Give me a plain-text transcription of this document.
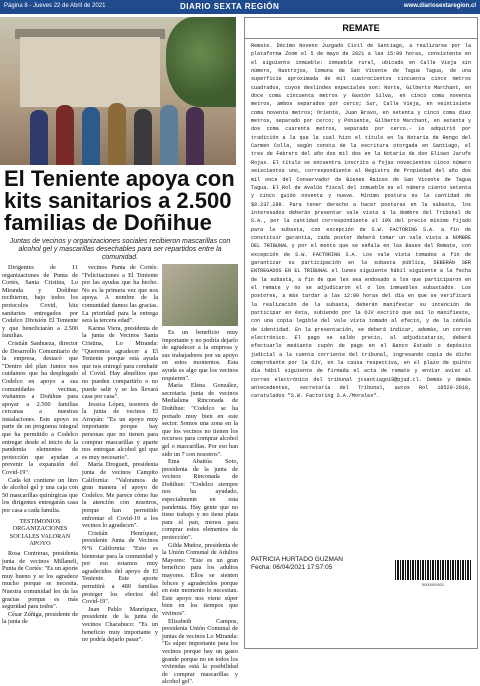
Página 8 - Jueves 22 de Abril de 2021	DIARIO SEXTA REGIÓN	www.diariosextaregion.cl
El Teniente apoya con kits sanitarios a 2.500 familias de Doñihue
Juntas de vecinos y organizaciones sociales recibieron mascarillas con alcohol gel y mascarillas desechables para ser repartidos entre la comunidad.

Dirigentes de 11 organizaciones de Punta de Cortés, Santa Cristina, Lo Miranda y Doñihue recibieron, bajo todos los protocolos Covid, kits sanitarios entregados por Codelco División El Teniente y que beneficiarán a 2.500 familias.

Cristián Sanhueza, director de Desarrollo Comunitario de la empresa, destacó que "Dentro del plan Juntos nos cuidamos que ha desplegado Codelco en apoyo a sus comunidades vecinas, visitamos a Doñihue para apoyar a 2.500 familias cercanas a nuestras instalaciones. Este apoyo es parte de un programa integral que ha permitido a Codelco entregar desde el inicio de la pandemia elementos de protección que ayudan a prevenir la expansión del Covid-19".

Cada kit contiene un litro de alcohol gel y una caja con 50 mascarillas quirúrgicas que los dirigentes entregarán casa por casa a cada familia.

TESTIMONIOS ORGANIZACIONES SOCIALES VALORAN APOYO

Rosa Contreras, presidenta junta de vecinos Millaneli, Punta de Cortés: "Es un aporte muy bueno y se los agradece mucho porque se necesita. Nuestra comunidad les da las gracias porque es más seguridad para todos".

César Zúñiga, presidente de la junta de

vecinos Punta de Cortés: "Felicitaciones a El Teniente por las ayudas que ha hecho. No es la primera vez que nos apoya. A nombre de la comunidad damos las gracias. La prioridad para la entrega será la tercera edad".

Karina Viera, presidenta de la junta de Vecinos Santa Cristina, Lo Miranda: "Queremos agradecer a El Teniente porque está ayuda que nos entregó para combatir el Covid. Hay abuelitos que no pueden compartirlo o no puede salir y se les llevará casa por casa".

Jessica López, tesorera de la junta de vecinos El Arrayán: "Es un apoyo muy importante porque hay personas que no tienen para comprar mascarillas y aparte nos entregan alcohol gel que es muy necesario".

María Droguett, presidenta junta de vecinos Campito California: "Valoramos de gran manera el apoyo de Codelco. Me parece cómo fue la atención con nosotros, porque han permitido enfrentar el Covid-19 a los vecinos lo agradecen".

Cristián Henríquez, presidente Junta de Vecinos N°6 California: "Esto es bienestar para la comunidad y por eso estamos muy agradecidos del apoyo de El Teniente. Este aporte permitirá a 480 familias proteger los efectos del Covid-19".

Juan Pablo Manríquez, presidente de la junta de vecinos Chacabuco: "Es un beneficio muy importante y no podría dejarlo pasar".

Es un beneficio muy importante y no podría dejarlo de agradecer a la empresa y sus trabajadores por su apoyo en estos momentos. Esta ayuda es algo que los vecinos requieren".

María Elena González, secretaria junta de vecinos Medialuna Rinconada de Doñihue: "Codelco se ha portado muy bien en este sector. Somos una zona en la que los vecinos no tienen los recursos para comprar alcohol gel o mascarillas. Por eso han sido un 7 con nosotros".

Ema Abaitúa Soto, presidenta de la junta de vecinos Rinconada de Doñihue: "Codelco siempre nos ha ayudado, especialmente en esta pandemia. Hay gente que no tiene trabajo y no tiene plata para el pan, menos para comprar estos elementos de protección".

Gilda Muñoz, presidenta de la Unión Comunal de Adultos Mayores: "Este es un gran beneficio para los adultos mayores. Ellos se sienten felices y agradecidos porque en este momento lo necesitan. Este apoyo nos viene súper bien en los tiempos que vivimos".

Elizabeth Campos, presidenta Unión Comunal de juntas de vecinos Lo Miranda: "Es súper importante para los vecinos porque hay un gasto grande porque no en todos los viviendas está la posibilidad de comprar mascarillas y alcohol gel".

REMATE
Remate. Décimo Noveno Juzgado Civil de Santiago, a realizarse por la plataforma Zoom el 5 de mayo de 2021 a las 15:00 horas, consistente en el siguiente inmueble: inmueble rural, ubicado en Calle Vieja sin número, Rastrojos, Comuna de San Vicente de Tagua Tagua, de una superficie aproximada de mil cuatrocientos cincuenta cinco metros cuadrados, cuyos deslindes especiales son: Norte, Gilberto Marchant, en doce coma cincuenta metros y Gastón Silva, en cinco coma noventa metros, ambos separados por cerco; Sur, Calle Vieja, en veintisiete coma noventa metros; Oriente, Juan Bravo, en setenta y cinco coma diez metros, separado por cerco; y Poniente, Gilberto Marchant, en setenta y dos coma cuarenta metros, separado por cerco.- Lo adquirió por tradición a la que la cual hizo el título en la Notaría de Rengo del Carmen Colla, según consta de la escritura otorgada en Santiago, el tres de Febrero del año dos mil dos en la Notaría de don Eliseo Jarufe Rojas. El título se encuentra inscrito a fojas novecientos cinco número seiscientos uno, correspondiente al Registro de Propiedad del año dos mil once del Conservador de Bienes Raíces de San Vicente de Tagua Tagua. El Rol de Avalúo fiscal del inmueble es el número ciento setenta y cinco guión noventa y nueve. Mínimo postura es la cantidad de $9.237.289. Para tener derecho a hacer posturas en la subasta, los interesados deberán presentar vale vista a la Nombre del Tribunal de S.A., por la cantidad correspondiente al 10% del precio mínimo fijado para la subasta, con excepción de S.W. FACTORING S.A. a fin de constituir garantía, cada postor deberá tomar un vale vista a NOMBRE DEL TRIBUNAL y por el monto que se señala en las Bases del Remate, con excepción de S.W. FACTORING S.A. Los vale vista tomados a fin de garantizar su participación en la subasta pública, DEBERÁN SER ENTREGADOS EN EL TRIBUNAL el lunes siguiente hábil siguiente a la fecha de la subasta, a fin de que les sea endosado a los que participaron en el remate y no se adjudicaron el o los inmuebles subastados. Los postores, a más tardar a las 12:00 horas del día en que se verificará la realización de la subasta, deberán manifestar su intención de participar en ésta, subiendo por la OJV escrito que así lo manifieste, con una copia legible del vale vista tomado al efecto, y de la cédula de identidad. En la presentación, se deberá indicar, además, un correo electrónico. El pago se saldo precio, al adjudicatario, deberá efectuarlo mediante cupón de pago en el Banco Estado o depósito judicial a la cuenta corriente del tribunal, ingresando copia de dicho comprobante por la OJV, en la causa respectiva, en el plazo de quinto día hábil siguiente de firmada el acta de remate y enviar aviso al correo electrónico del tribunal jcsantiago19@pjud.cl. Demás y demás antecedentes, secretaría del Tribunal, autos Rol 18520-2018, caratulados "S.W. Factoring S.A./Morales".
PATRICIA HURTADO GUZMAN
Fecha: 06/04/2021 17:57:05
0000000001
